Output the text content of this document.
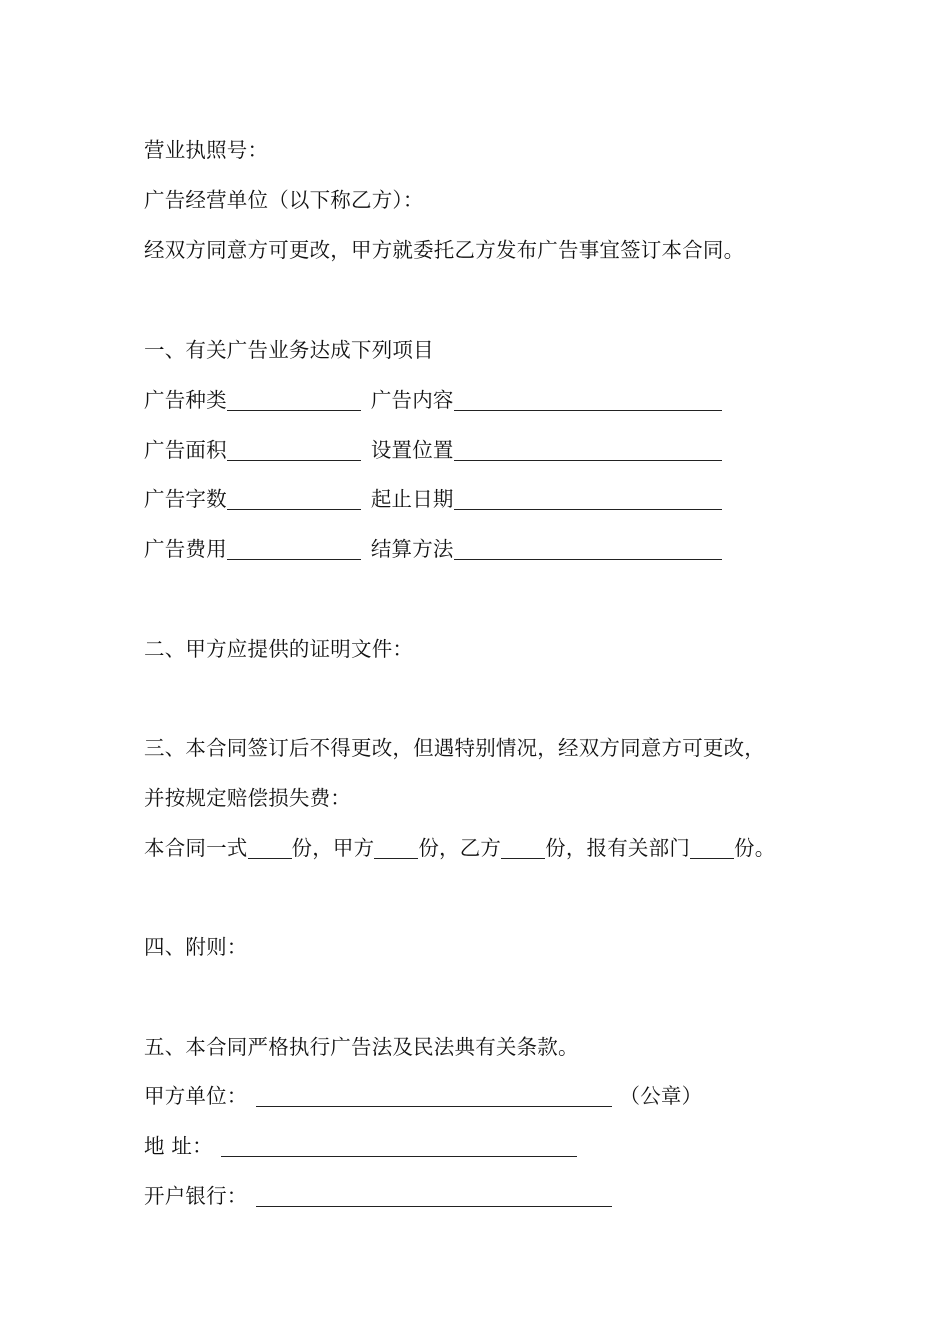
营业执照号：
广告经营单位（以下称乙方）：
经双方同意方可更改，甲方就委托乙方发布广告事宜签订本合同。
一、有关广告业务达成下列项目
广告种类	广告内容
广告面积	设置位置
广告字数	起止日期
广告费用	结算方法
二、甲方应提供的证明文件：
三、本合同签订后不得更改，但遇特别情况，经双方同意方可更改，
并按规定赔偿损失费：
本合同一式 份，甲方 份，乙方 份，报有关部门 份。
四、附则：
五、本合同严格执行广告法及民法典有关条款。
甲方单位：	（公章）
地 址：
开户银行：
